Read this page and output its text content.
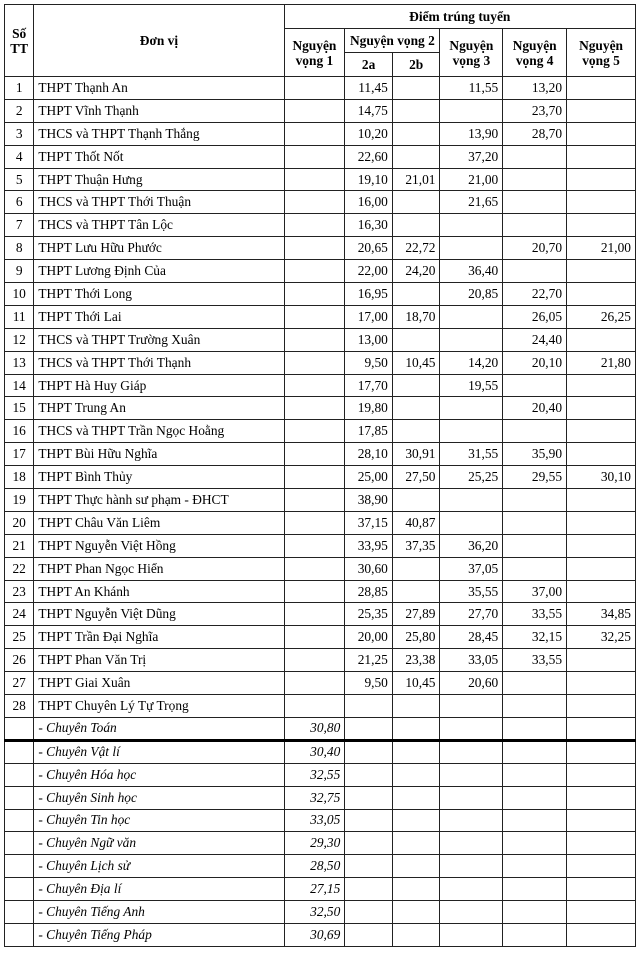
Số TT	Đơn vị	Điểm trúng tuyển					
		Nguyện vọng 1	Nguyện vọng 2		Nguyện vọng 3	Nguyện vọng 4	Nguyện vọng 5
			2a	2b			
1	THPT Thạnh An		11,45		11,55	13,20	
2	THPT Vĩnh Thạnh		14,75			23,70	
3	THCS và THPT Thạnh Thắng		10,20		13,90	28,70	
4	THPT Thốt Nốt		22,60		37,20		
5	THPT Thuận Hưng		19,10	21,01	21,00		
6	THCS và THPT Thới Thuận		16,00		21,65		
7	THCS và THPT Tân Lộc		16,30				
8	THPT Lưu Hữu Phước		20,65	22,72		20,70	21,00
9	THPT Lương Định Của		22,00	24,20	36,40		
10	THPT Thới Long		16,95		20,85	22,70	
11	THPT Thới Lai		17,00	18,70		26,05	26,25
12	THCS và THPT Trường Xuân		13,00			24,40	
13	THCS và THPT Thới Thạnh		9,50	10,45	14,20	20,10	21,80
14	THPT Hà Huy Giáp		17,70		19,55		
15	THPT Trung An		19,80			20,40	
16	THCS và THPT Trần Ngọc Hoằng		17,85				
17	THPT Bùi Hữu Nghĩa		28,10	30,91	31,55	35,90	
18	THPT Bình Thủy		25,00	27,50	25,25	29,55	30,10
19	THPT Thực hành sư phạm - ĐHCT		38,90				
20	THPT Châu Văn Liêm		37,15	40,87			
21	THPT Nguyễn Việt Hồng		33,95	37,35	36,20		
22	THPT Phan Ngọc Hiển		30,60		37,05		
23	THPT An Khánh		28,85		35,55	37,00	
24	THPT Nguyễn Việt Dũng		25,35	27,89	27,70	33,55	34,85
25	THPT Trần Đại Nghĩa		20,00	25,80	28,45	32,15	32,25
26	THPT Phan Văn Trị		21,25	23,38	33,05	33,55	
27	THPT Giai Xuân		9,50	10,45	20,60		
28	THPT Chuyên Lý Tự Trọng						
	- Chuyên Toán	30,80					
	- Chuyên Vật lí	30,40					
	- Chuyên Hóa học	32,55					
	- Chuyên Sinh học	32,75					
	- Chuyên Tin học	33,05					
	- Chuyên Ngữ văn	29,30					
	- Chuyên Lịch sử	28,50					
	- Chuyên Địa lí	27,15					
	- Chuyên Tiếng Anh	32,50					
	- Chuyên Tiếng Pháp	30,69					
